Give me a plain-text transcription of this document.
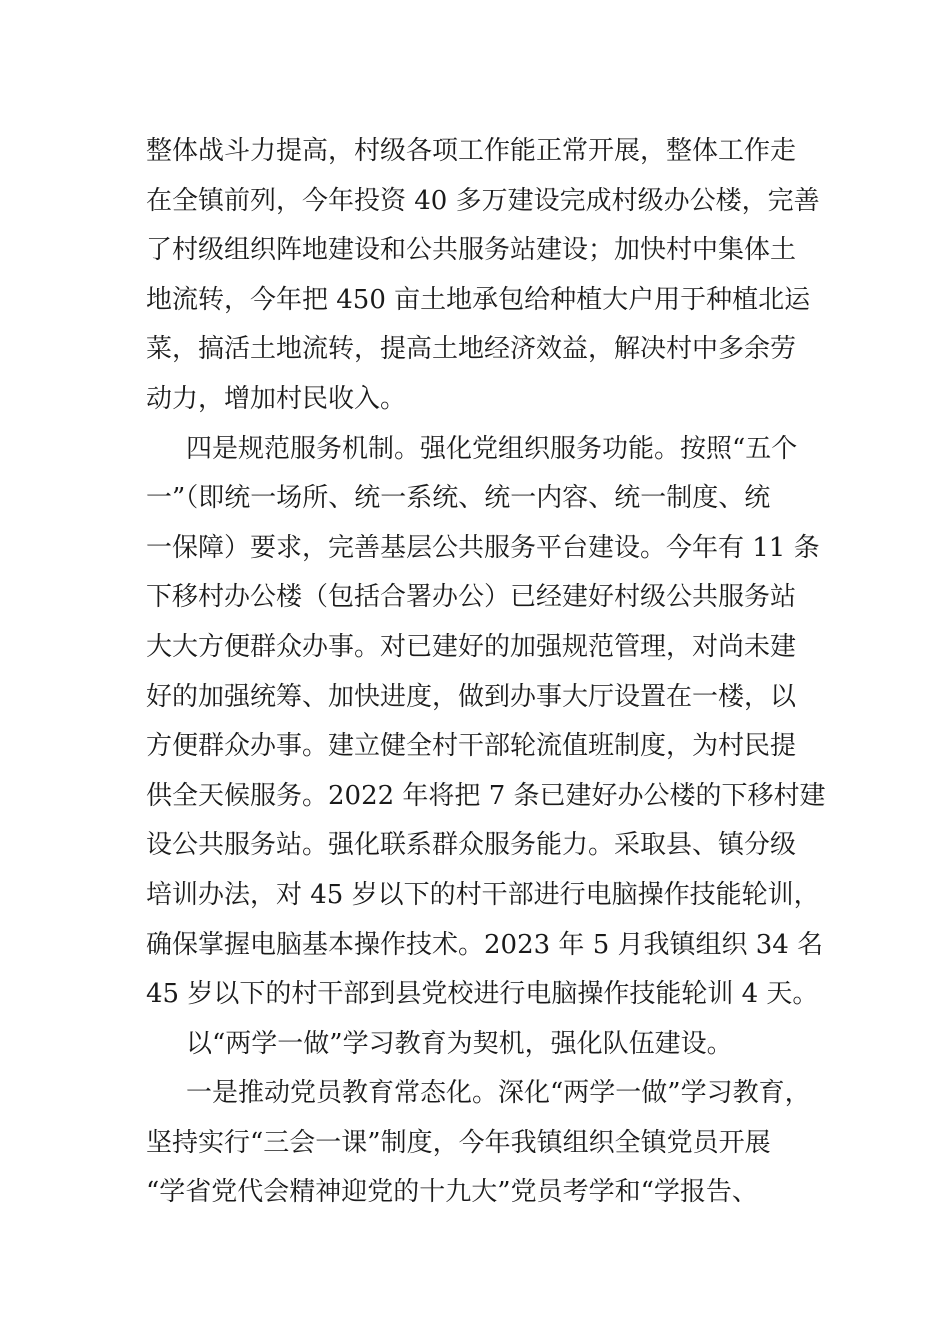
整体战斗力提高，村级各项工作能正常开展，整体工作走
在全镇前列，今年投资 40 多万建设完成村级办公楼，完善
了村级组织阵地建设和公共服务站建设；加快村中集体土
地流转，今年把 450 亩土地承包给种植大户用于种植北运
菜，搞活土地流转，提高土地经济效益，解决村中多余劳
动力，增加村民收入。
四是规范服务机制。强化党组织服务功能。按照“五个
一”（即统一场所、统一系统、统一内容、统一制度、统
一保障）要求，完善基层公共服务平台建设。今年有 11 条
下移村办公楼（包括合署办公）已经建好村级公共服务站
大大方便群众办事。对已建好的加强规范管理，对尚未建
好的加强统筹、加快进度，做到办事大厅设置在一楼，以
方便群众办事。建立健全村干部轮流值班制度，为村民提
供全天候服务。2022 年将把 7 条已建好办公楼的下移村建
设公共服务站。强化联系群众服务能力。采取县、镇分级
培训办法，对 45 岁以下的村干部进行电脑操作技能轮训，
确保掌握电脑基本操作技术。2023 年 5 月我镇组织 34 名
45 岁以下的村干部到县党校进行电脑操作技能轮训 4 天。
以“两学一做”学习教育为契机，强化队伍建设。
一是推动党员教育常态化。深化“两学一做”学习教育，
坚持实行“三会一课”制度，今年我镇组织全镇党员开展
“学省党代会精神迎党的十九大”党员考学和“学报告、
